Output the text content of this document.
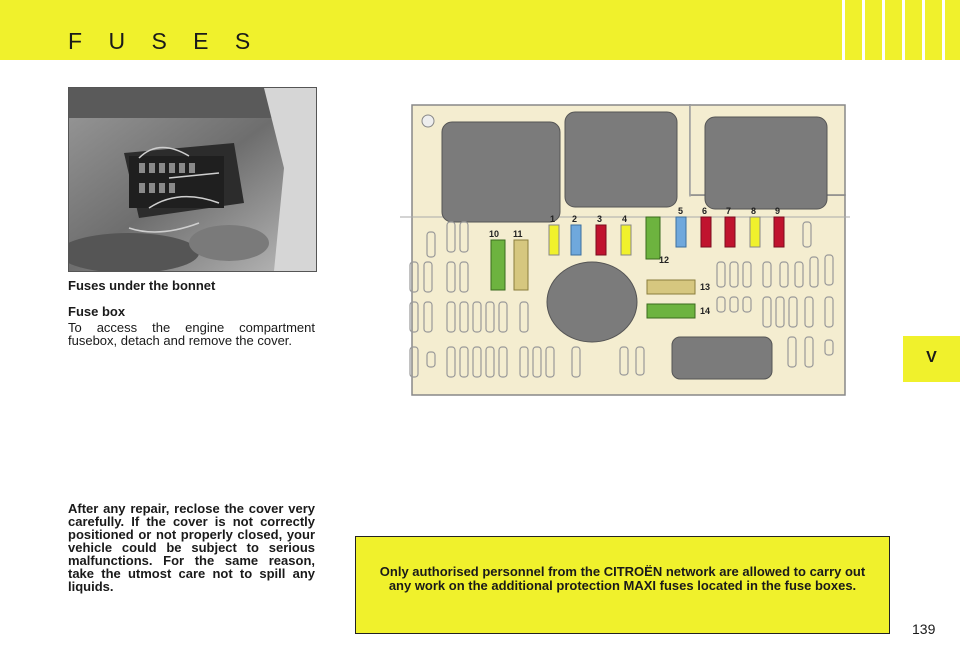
F U S E S
V
Fuses under the bonnet
Fuse box
To access the engine compartment fusebox, detach and remove the cover.
After any repair, reclose the cover very carefully. If the cover is not correctly positioned or not properly closed, your vehicle could be subject to serious malfunctions. For the same reason, take the utmost care not to spill any liquids.
1 2 3 4
5 6 7 8 9
10 11
12
13
14

Only authorised personnel from the CITROËN network are allowed to carry out any work on the additional protection MAXI fuses located in the fuse boxes.

139
